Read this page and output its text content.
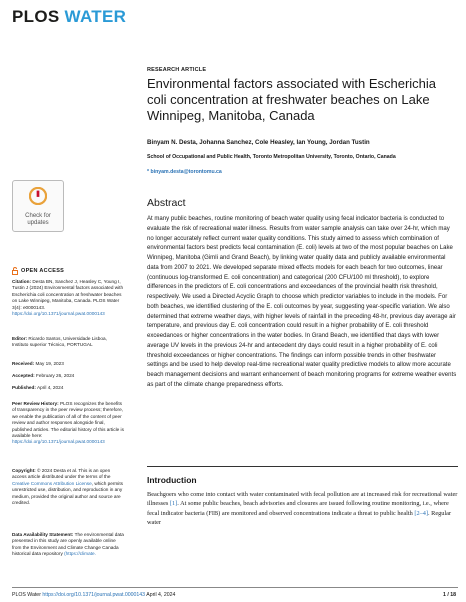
PLOS WATER
RESEARCH ARTICLE
Environmental factors associated with Escherichia coli concentration at freshwater beaches on Lake Winnipeg, Manitoba, Canada
Binyam N. Desta, Johanna Sanchez, Cole Heasley, Ian Young, Jordan Tustin
School of Occupational and Public Health, Toronto Metropolitan University, Toronto, Ontario, Canada
* binyam.desta@torontomu.ca
Check for
updates
OPEN ACCESS
Citation: Desta BN, Sanchez J, Heasley C, Young I, Tustin J (2024) Environmental factors associated with Escherichia coli concentration at freshwater beaches on Lake Winnipeg, Manitoba, Canada. PLOS Water 3(4): e0000143. https://doi.org/10.1371/journal.pwat.0000143
Editor: Ricardo Santos, Universidade Lisboa, Instituto superior Técnico, PORTUGAL
Received: May 19, 2023
Accepted: February 26, 2024
Published: April 4, 2024
Peer Review History: PLOS recognizes the benefits of transparency in the peer review process; therefore, we enable the publication of all of the content of peer review and author responses alongside final, published articles. The editorial history of this article is available here: https://doi.org/10.1371/journal.pwat.0000143
Copyright: © 2024 Desta et al. This is an open access article distributed under the terms of the Creative Commons Attribution License, which permits unrestricted use, distribution, and reproduction in any medium, provided the original author and source are credited.
Data Availability Statement: The environmental data presented in this study are openly available online from the Environment and Climate Change Canada historical data repository (https://climate.
Abstract

At many public beaches, routine monitoring of beach water quality using fecal indicator bacteria is conducted to evaluate the risk of recreational water illness. Results from water sample analysis can take over 24-hr, which may no longer accurately reflect current water quality conditions. This study aimed to assess which combination of environmental factors best predicts fecal contamination (E. coli) levels at two of the most popular beaches on Lake Winnipeg, Manitoba (Gimli and Grand Beach), by linking water quality data and publicly available environmental data from 2007 to 2021. We developed separate mixed effects models for each beach for two outcomes, linear (continuous log-transformed E. coli concentration) and categorical (200 CFU/100 ml threshold), to explore differences in the predictors of E. coli concentrations and exceedances of the provincial health risk threshold, respectively. We used a Directed Acyclic Graph to choose which predictor variables to include in the models. For both beaches, we identified clustering of the E. coli outcomes by year, suggesting year-specific variation. We also determined that extreme weather days, with higher levels of rainfall in the preceding 48-hr, previous day average air temperature, and previous day E. coli concentration could result in a higher probability of E. coli threshold exceedances or higher concentrations in the water bodies. In Grand Beach, we identified that days with lower average UV levels in the previous 24-hr and antecedent dry days could result in a higher probability of E. coli threshold exceedances or higher concentrations. The findings can inform possible trends in other freshwater settings and be used to help develop real-time recreational water quality predictive models to allow more accurate beach management decisions and warrant enhancement of beach monitoring programs for extreme weather events as part of the climate change preparedness efforts.

Introduction

Beachgoers who come into contact with water contaminated with fecal pollution are at increased risk for recreational water illnesses [1]. At some public beaches, beach advisories and closures are issued following routine monitoring, i.e., where fecal indicator bacteria (FIB) are monitored and observed concentrations indicate a threat to public health [2–4]. Regular water

PLOS Water https://doi.org/10.1371/journal.pwat.0000143 April 4, 2024	1 / 18
